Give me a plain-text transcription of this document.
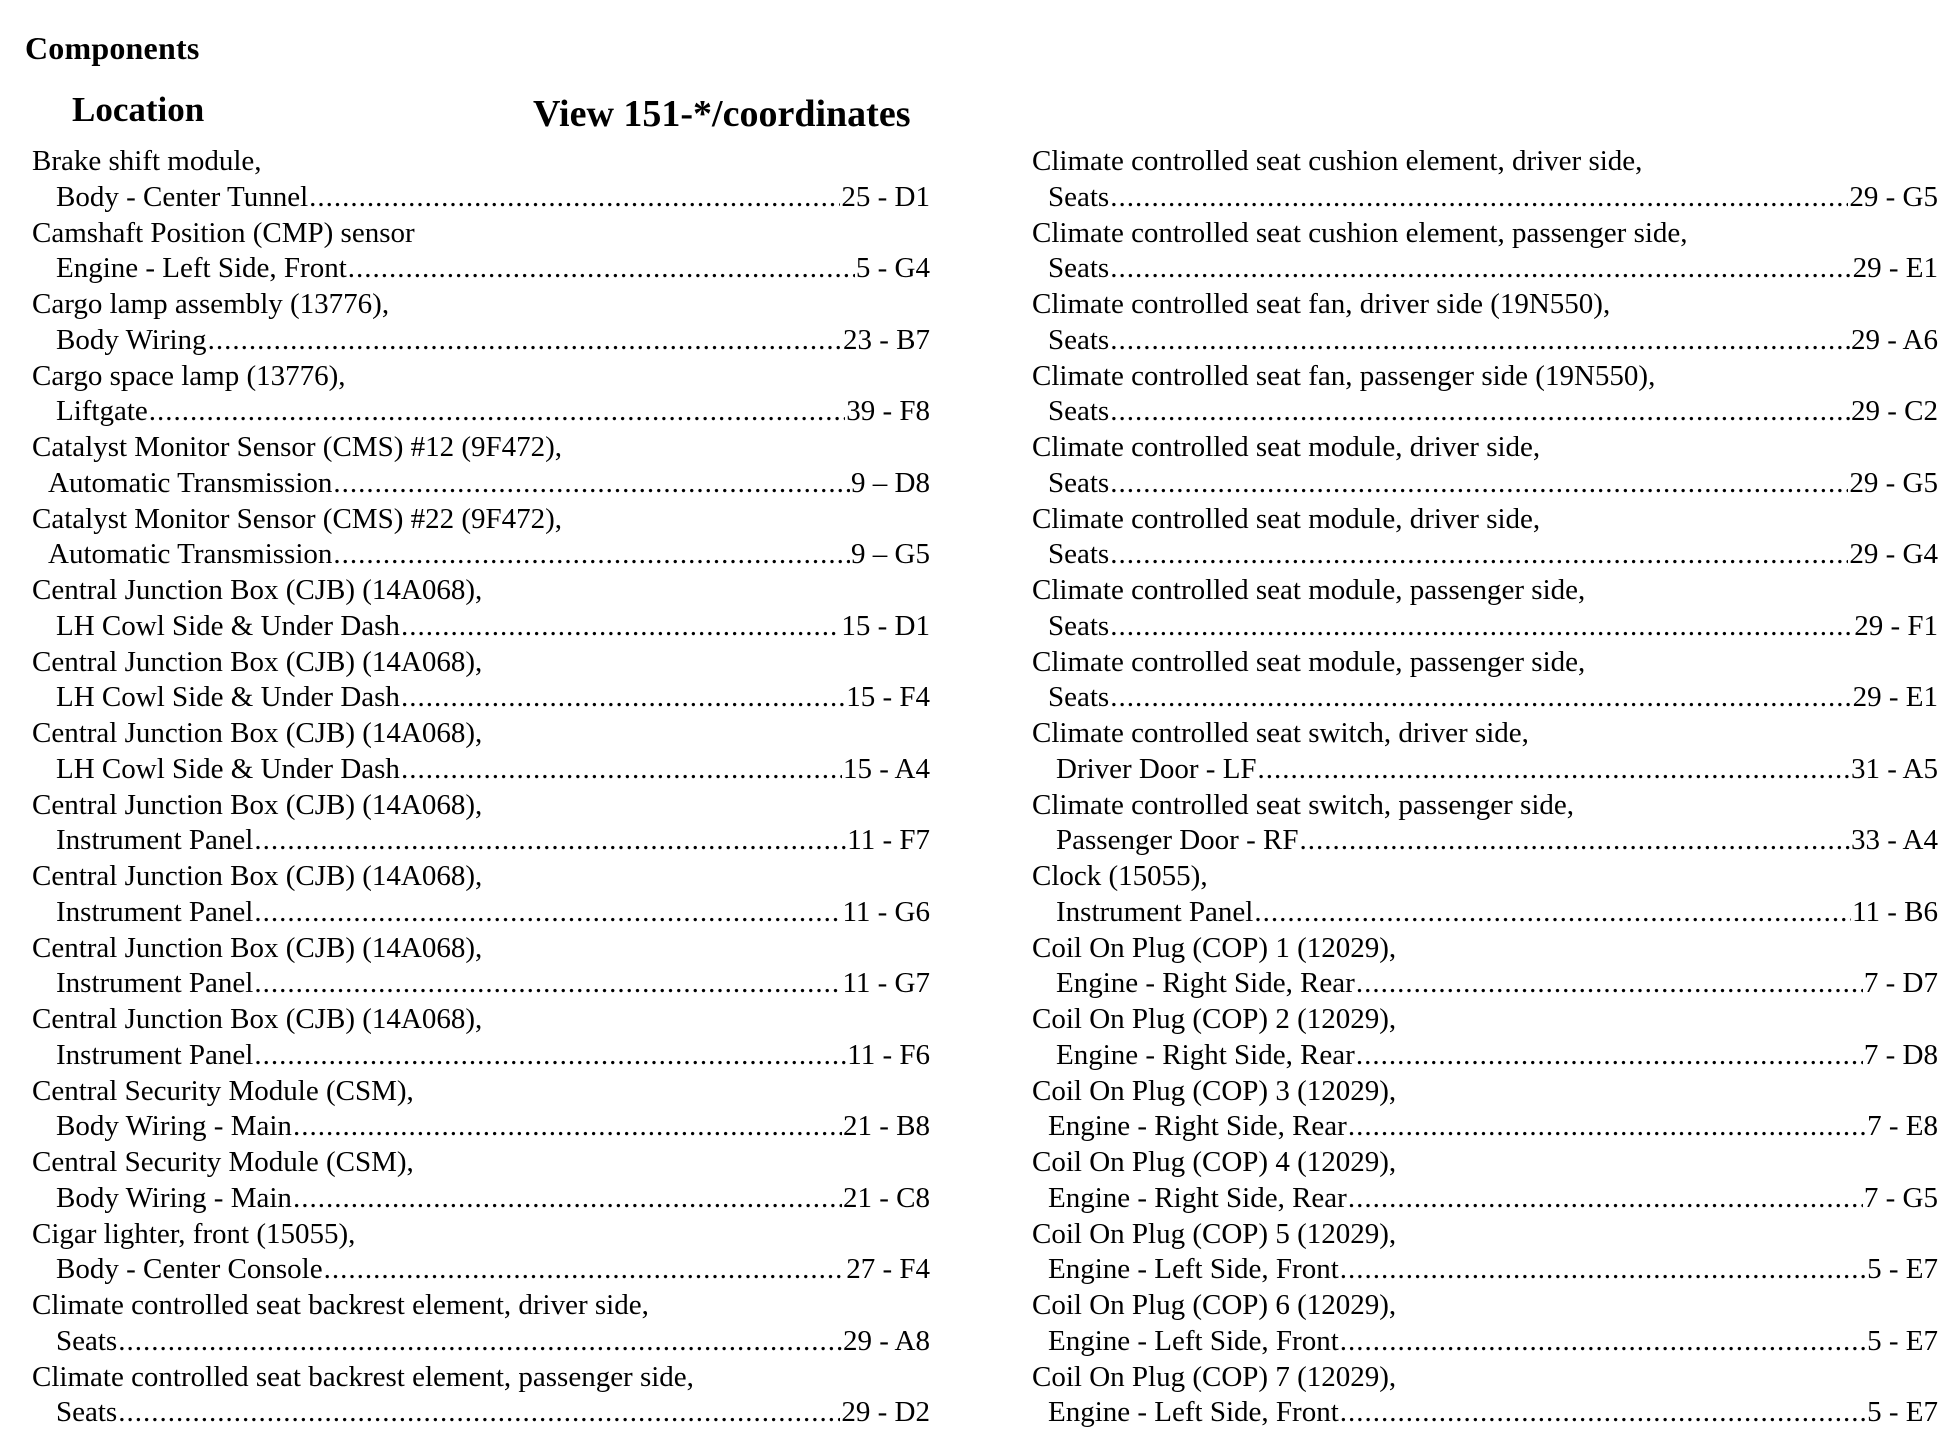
Components
Location	View 151-*/coordinates
Brake shift module,
Body - Center Tunnel .....	25 - D1
Camshaft Position (CMP) sensor
Engine - Left Side, Front .....	5 - G4
Cargo lamp assembly (13776),
Body Wiring .....	23 - B7
Cargo space lamp (13776),
Liftgate .....	39 - F8
Catalyst Monitor Sensor (CMS) #12 (9F472),
Automatic Transmission .....	9 – D8
Catalyst Monitor Sensor (CMS) #22 (9F472),
Automatic Transmission .....	9 – G5
Central Junction Box (CJB) (14A068),
LH Cowl Side & Under Dash .....	15 - D1
Central Junction Box (CJB) (14A068),
LH Cowl Side & Under Dash .....	15 - F4
Central Junction Box (CJB) (14A068),
LH Cowl Side & Under Dash .....	15 - A4
Central Junction Box (CJB) (14A068),
Instrument Panel .....	11 - F7
Central Junction Box (CJB) (14A068),
Instrument Panel .....	11 - G6
Central Junction Box (CJB) (14A068),
Instrument Panel .....	11 - G7
Central Junction Box (CJB) (14A068),
Instrument Panel .....	11 - F6
Central Security Module (CSM),
Body Wiring - Main .....	21 - B8
Central Security Module (CSM),
Body Wiring - Main .....	21 - C8
Cigar lighter, front (15055),
Body - Center Console .....	27 - F4
Climate controlled seat backrest element, driver side,
Seats .....	29 - A8
Climate controlled seat backrest element, passenger side,
Seats .....	29 - D2
Climate controlled seat cushion element, driver side,
Seats .....	29 - G5
Climate controlled seat cushion element, passenger side,
Seats .....	29 - E1
Climate controlled seat fan, driver side (19N550),
Seats .....	29 - A6
Climate controlled seat fan, passenger side (19N550),
Seats .....	29 - C2
Climate controlled seat module, driver side,
Seats .....	29 - G5
Climate controlled seat module, driver side,
Seats .....	29 - G4
Climate controlled seat module, passenger side,
Seats .....	29 - F1
Climate controlled seat module, passenger side,
Seats .....	29 - E1
Climate controlled seat switch, driver side,
Driver Door - LF .....	31 - A5
Climate controlled seat switch, passenger side,
Passenger Door - RF .....	33 - A4
Clock (15055),
Instrument Panel .....	11 - B6
Coil On Plug (COP) 1 (12029),
Engine - Right Side, Rear .....	7 - D7
Coil On Plug (COP) 2 (12029),
Engine - Right Side, Rear .....	7 - D8
Coil On Plug (COP) 3 (12029),
Engine - Right Side, Rear .....	7 - E8
Coil On Plug (COP) 4 (12029),
Engine - Right Side, Rear .....	7 - G5
Coil On Plug (COP) 5 (12029),
Engine - Left Side, Front .....	5 - E7
Coil On Plug (COP) 6 (12029),
Engine - Left Side, Front .....	5 - E7
Coil On Plug (COP) 7 (12029),
Engine - Left Side, Front .....	5 - E7
